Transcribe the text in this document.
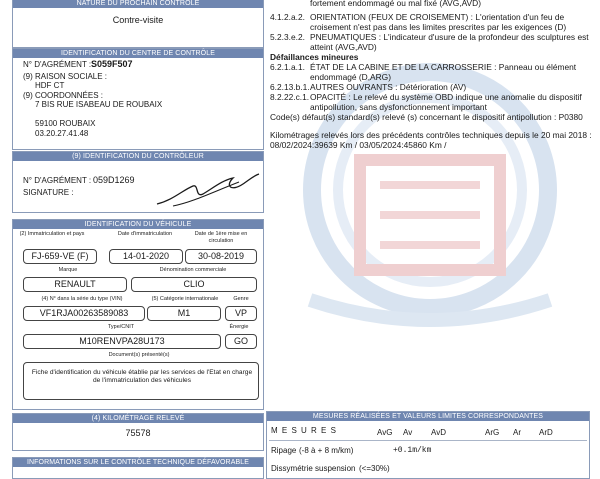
NATURE DU PROCHAIN CONTRÔLE
Contre-visite
IDENTIFICATION DU CENTRE DE CONTRÔLE
N° D'AGRÉMENT : S059F507
(9) RAISON SOCIALE :
HDF CT
(9) COORDONNÉES :
7 BIS RUE ISABEAU DE ROUBAIX
59100 ROUBAIX
03.20.27.41.48
(9) IDENTIFICATION DU CONTRÔLEUR
N° D'AGRÉMENT : 059D1269
SIGNATURE :
IDENTIFICATION DU VÉHICULE
(2) Immatriculation et pays	Date d'immatriculation	Date de 1ère mise en circulation
FJ-659-VE (F)	14-01-2020	30-08-2019
Marque	Dénomination commerciale
RENAULT	CLIO
(4) N° dans la série du type (VIN)	(5) Catégorie internationale	Genre
VF1RJA00263589083	M1	VP
Type/CNIT	Énergie
M10RENVPA28U173	GO
Document(s) présenté(s)
Fiche d'identification du véhicule établie par les services de l'Etat en charge de l'immatriculation des véhicules
(4) KILOMÉTRAGE RELEVÉ
75578
INFORMATIONS SUR LE CONTRÔLE TECHNIQUE DÉFAVORABLE
fortement endommagé ou mal fixé (AVG,AVD)
4.1.2.a.2. ORIENTATION (FEUX DE CROISEMENT) : L'orientation d'un feu de
croisement n'est pas dans les limites prescrites par les exigences (D)
5.2.3.e.2. PNEUMATIQUES : L'indicateur d'usure de la profondeur des sculptures est
atteint (AVG,AVD)
Défaillances mineures
6.2.1.a.1. ÉTAT DE LA CABINE ET DE LA CARROSSERIE : Panneau ou élément
endommagé (D,ARG)
6.2.13.b.1. AUTRES OUVRANTS : Détérioration (AV)
8.2.22.c.1. OPACITÉ : Le relevé du système OBD indique une anomalie du dispositif
antipollution, sans dysfonctionnement important
Code(s) défaut(s) standard(s) relevé (s) concernant le dispositif antipollution : P0380
Kilométrages relevés lors des précédents contrôles techniques depuis le 20 mai 2018 :
08/02/2024:39639 Km / 03/05/2024:45860 Km /
MESURES RÉALISÉES ET VALEURS LIMITES CORRESPONDANTES
M E S U R E S	AvG Av AvD	ArG Ar ArD
Ripage (-8 à + 8 m/km)	+0.1m/km
Dissymétrie suspension (<=30%)
